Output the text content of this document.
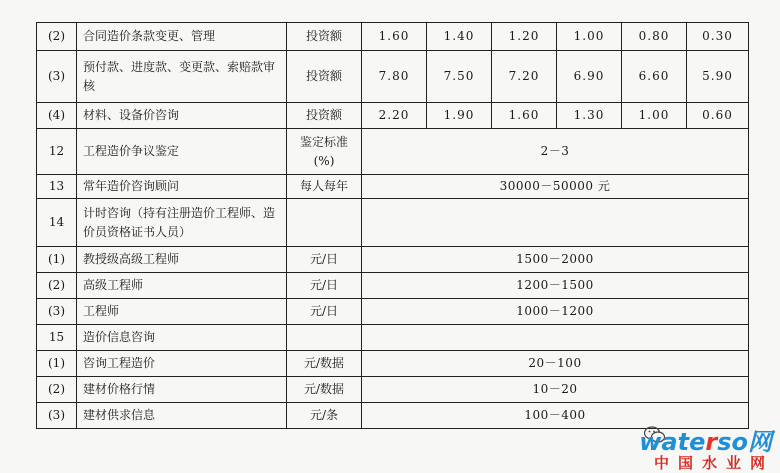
(2)	合同造价条款变更、管理	投资额	1.60	1.40	1.20	1.00	0.80	0.30
(3)	预付款、进度款、变更款、索赔款审核	投资额	7.80	7.50	7.20	6.90	6.60	5.90
(4)	材料、设备价咨询	投资额	2.20	1.90	1.60	1.30	1.00	0.60
12	工程造价争议鉴定	鉴定标准(%)	2－3					
13	常年造价咨询顾问	每人每年	30000－50000 元					
14	计时咨询（持有注册造价工程师、造价员资格证书人员）							
(1)	教授级高级工程师	元/日	1500－2000					
(2)	高级工程师	元/日	1200－1500					
(3)	工程师	元/日	1000－1200					
15	造价信息咨询							
(1)	咨询工程造价	元/数据	20－100					
(2)	建材价格行情	元/数据	10－20					
(3)	建材供求信息	元/条	100－400					
waterso网
中国水业网
